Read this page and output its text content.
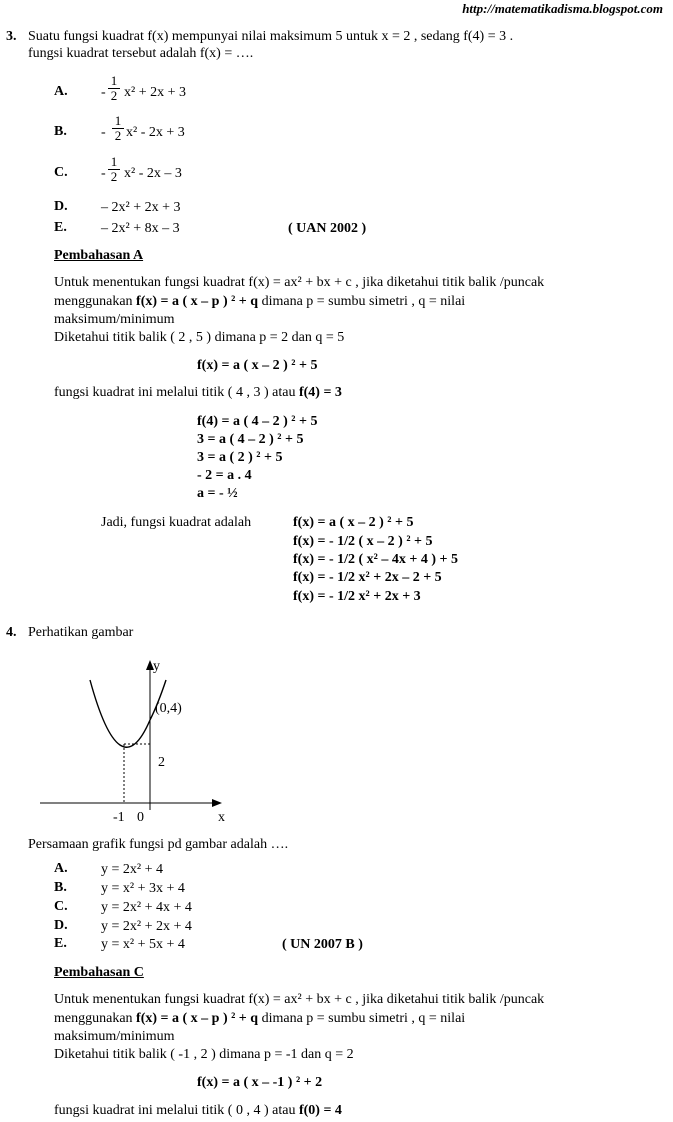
http://matematikadisma.blogspot.com
3. Suatu fungsi kuadrat f(x) mempunyai nilai maksimum 5 untuk x = 2 , sedang f(4) = 3 .
fungsi kuadrat tersebut adalah f(x) = ….
A. -
1
2 x² + 2x + 3
B. -
1
2 x² - 2x + 3
C. -
1
2 x² - 2x – 3
D. – 2x² + 2x + 3
E. – 2x² + 8x – 3	( UAN 2002 )
Pembahasan A
Untuk menentukan fungsi kuadrat f(x) = ax² + bx + c , jika diketahui titik balik /puncak
menggunakan f(x) = a ( x – p ) ² + q dimana p = sumbu simetri , q = nilai
maksimum/minimum
Diketahui titik balik ( 2 , 5 ) dimana p = 2 dan q = 5
f(x) = a ( x – 2 ) ² + 5
fungsi kuadrat ini melalui titik ( 4 , 3 ) atau f(4) = 3
f(4) = a ( 4 – 2 ) ² + 5
3 = a ( 4 – 2 ) ² + 5
3 = a ( 2 ) ² + 5
- 2 = a . 4
a = - ½
Jadi, fungsi kuadrat adalah	f(x) = a ( x – 2 ) ² + 5
f(x) = - 1/2 ( x – 2 ) ² + 5
f(x) = - 1/2 ( x² – 4x + 4 ) + 5
f(x) = - 1/2 x² + 2x – 2 + 5
f(x) = - 1/2 x² + 2x + 3
4. Perhatikan gambar
y
x
(0,4)
2
-1 0
Persamaan grafik fungsi pd gambar adalah ….
A. y = 2x² + 4
B. y = x² + 3x + 4
C. y = 2x² + 4x + 4
D. y = 2x² + 2x + 4
E. y = x² + 5x + 4	( UN 2007 B )
Pembahasan C
Untuk menentukan fungsi kuadrat f(x) = ax² + bx + c , jika diketahui titik balik /puncak
menggunakan f(x) = a ( x – p ) ² + q dimana p = sumbu simetri , q = nilai
maksimum/minimum
Diketahui titik balik ( -1 , 2 ) dimana p = -1 dan q = 2
f(x) = a ( x – -1 ) ² + 2
fungsi kuadrat ini melalui titik ( 0 , 4 ) atau f(0) = 4
